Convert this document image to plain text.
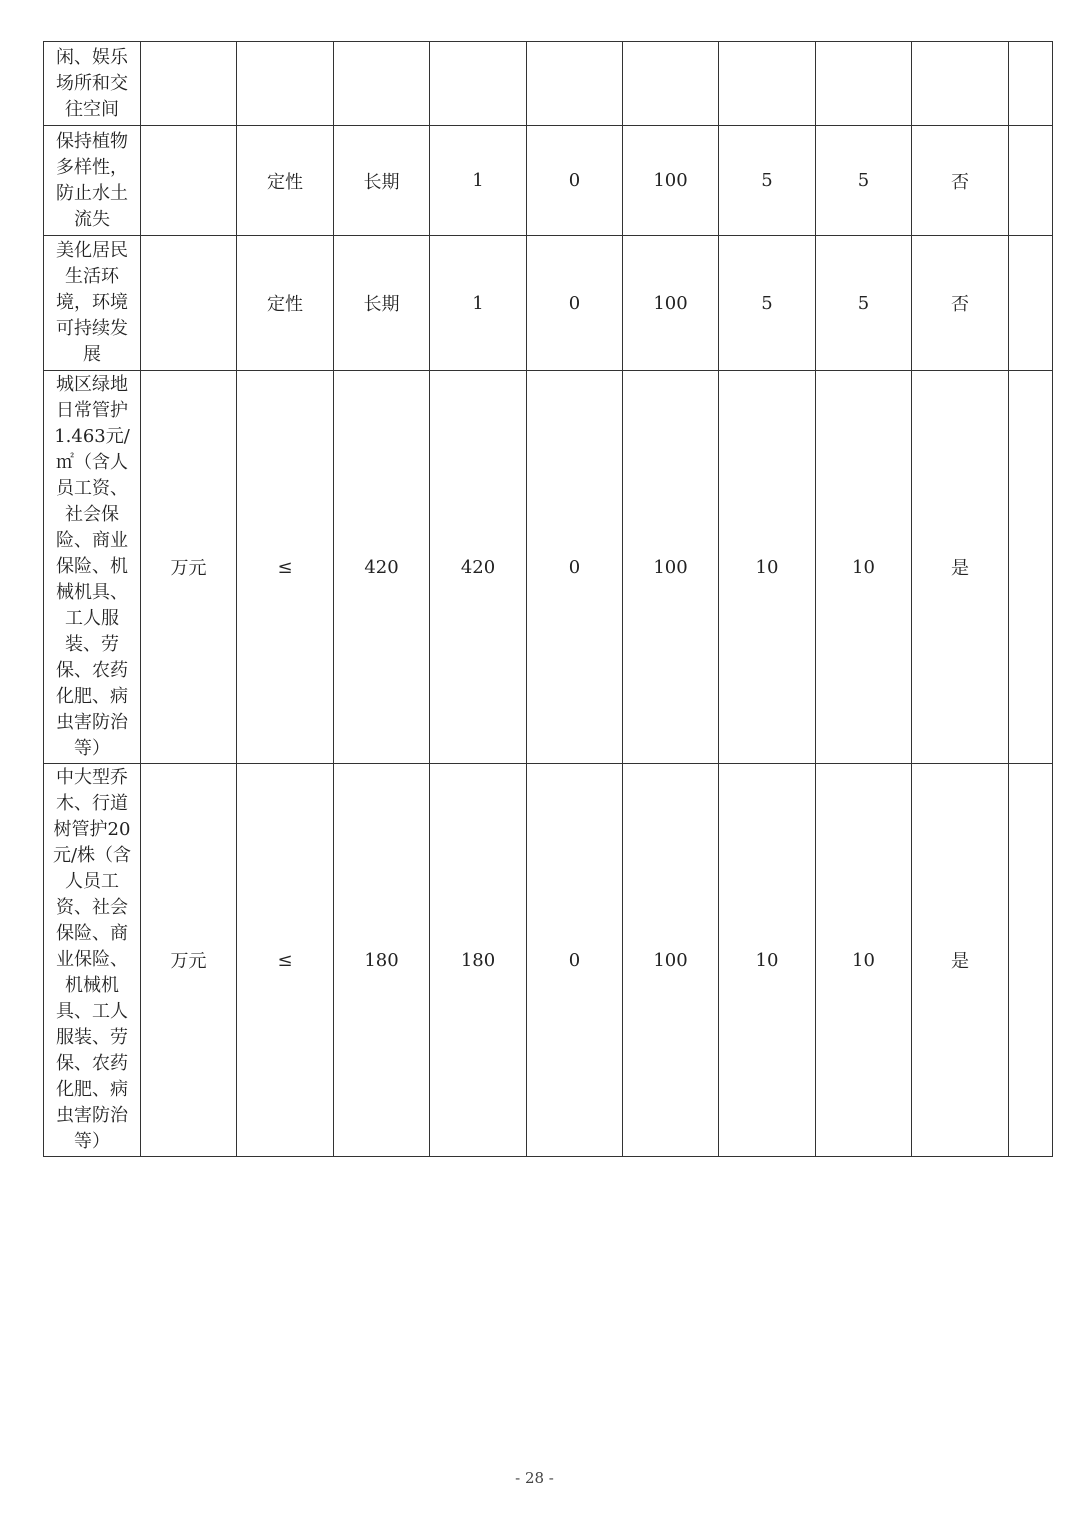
闲、娱乐场所和交往空间										
保持植物多样性，防止水土流失		定性	长期	1	0	100	5	5	否	
美化居民生活环境，环境可持续发展		定性	长期	1	0	100	5	5	否	
城区绿地日常管护1.463元/㎡（含人员工资、社会保险、商业保险、机械机具、工人服装、劳保、农药化肥、病虫害防治等）	万元	≤	420	420	0	100	10	10	是	
中大型乔木、行道树管护20元/株（含人员工资、社会保险、商业保险、机械机具、工人服装、劳保、农药化肥、病虫害防治等）	万元	≤	180	180	0	100	10	10	是	
- 28 -
